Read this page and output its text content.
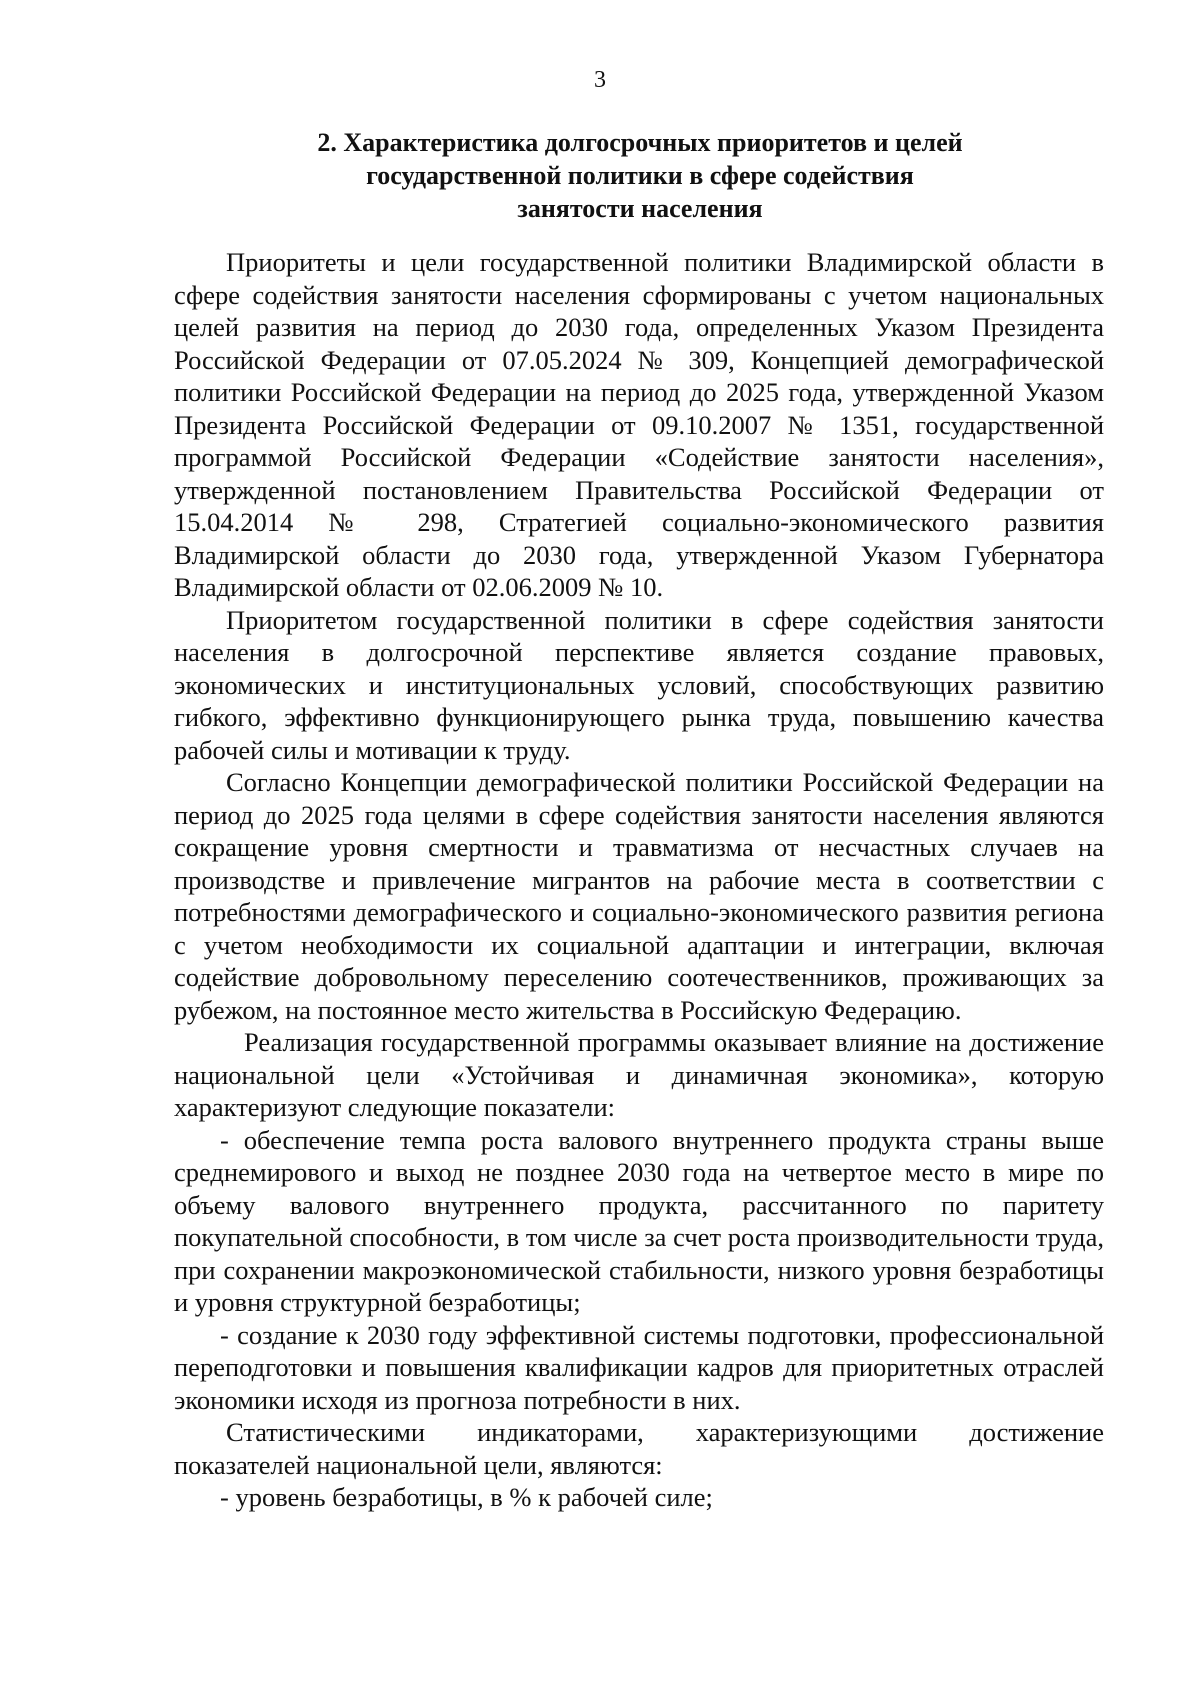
3
2. Характеристика долгосрочных приоритетов и целей
государственной политики в сфере содействия
занятости населения

Приоритеты и цели государственной политики Владимирской области в сфере содействия занятости населения сформированы с учетом национальных целей развития на период до 2030 года, определенных Указом Президента Российской Федерации от 07.05.2024 № 309, Концепцией демографической политики Российской Федерации на период до 2025 года, утвержденной Указом Президента Российской Федерации от 09.10.2007 № 1351, государственной программой Российской Федерации «Содействие занятости населения», утвержденной постановлением Правительства Российской Федерации от 15.04.2014 № 298, Стратегией социально-экономического развития Владимирской области до 2030 года, утвержденной Указом Губернатора Владимирской области от 02.06.2009 № 10.

Приоритетом государственной политики в сфере содействия занятости населения в долгосрочной перспективе является создание правовых, экономических и институциональных условий, способствующих развитию гибкого, эффективно функционирующего рынка труда, повышению качества рабочей силы и мотивации к труду.

Согласно Концепции демографической политики Российской Федерации на период до 2025 года целями в сфере содействия занятости населения являются сокращение уровня смертности и травматизма от несчастных случаев на производстве и привлечение мигрантов на рабочие места в соответствии с потребностями демографического и социально-экономического развития региона с учетом необходимости их социальной адаптации и интеграции, включая содействие добровольному переселению соотечественников, проживающих за рубежом, на постоянное место жительства в Российскую Федерацию.

Реализация государственной программы оказывает влияние на достижение национальной цели «Устойчивая и динамичная экономика», которую характеризуют следующие показатели:

- обеспечение темпа роста валового внутреннего продукта страны выше среднемирового и выход не позднее 2030 года на четвертое место в мире по объему валового внутреннего продукта, рассчитанного по паритету покупательной способности, в том числе за счет роста производительности труда, при сохранении макроэкономической стабильности, низкого уровня безработицы и уровня структурной безработицы;

- создание к 2030 году эффективной системы подготовки, профессиональной переподготовки и повышения квалификации кадров для приоритетных отраслей экономики исходя из прогноза потребности в них.

Статистическими индикаторами, характеризующими достижение показателей национальной цели, являются:

- уровень безработицы, в % к рабочей силе;
